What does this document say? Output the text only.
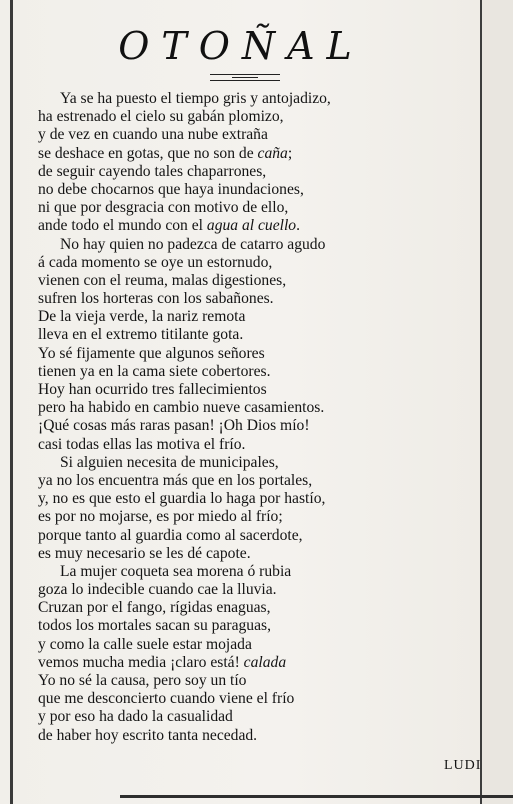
OTOÑAL
Ya se ha puesto el tiempo gris y antojadizo,
ha estrenado el cielo su gabán plomizo,
y de vez en cuando una nube extraña
se deshace en gotas, que no son de caña;
de seguir cayendo tales chaparrones,
no debe chocarnos que haya inundaciones,
ni que por desgracia con motivo de ello,
ande todo el mundo con el agua al cuello.
No hay quien no padezca de catarro agudo
á cada momento se oye un estornudo,
vienen con el reuma, malas digestiones,
sufren los horteras con los sabañones.
De la vieja verde, la nariz remota
lleva en el extremo titilante gota.
Yo sé fijamente que algunos señores
tienen ya en la cama siete cobertores.
Hoy han ocurrido tres fallecimientos
pero ha habido en cambio nueve casamientos.
¡Qué cosas más raras pasan! ¡Oh Dios mío!
casi todas ellas las motiva el frío.
Si alguien necesita de municipales,
ya no los encuentra más que en los portales,
y, no es que esto el guardia lo haga por hastío,
es por no mojarse, es por miedo al frío;
porque tanto al guardia como al sacerdote,
es muy necesario se les dé capote.
La mujer coqueta sea morena ó rubia
goza lo indecible cuando cae la lluvia.
Cruzan por el fango, rígidas enaguas,
todos los mortales sacan su paraguas,
y como la calle suele estar mojada
vemos mucha media ¡claro está! calada
Yo no sé la causa, pero soy un tío
que me desconcierto cuando viene el frío
y por eso ha dado la casualidad
de haber hoy escrito tanta necedad.
LUDI
